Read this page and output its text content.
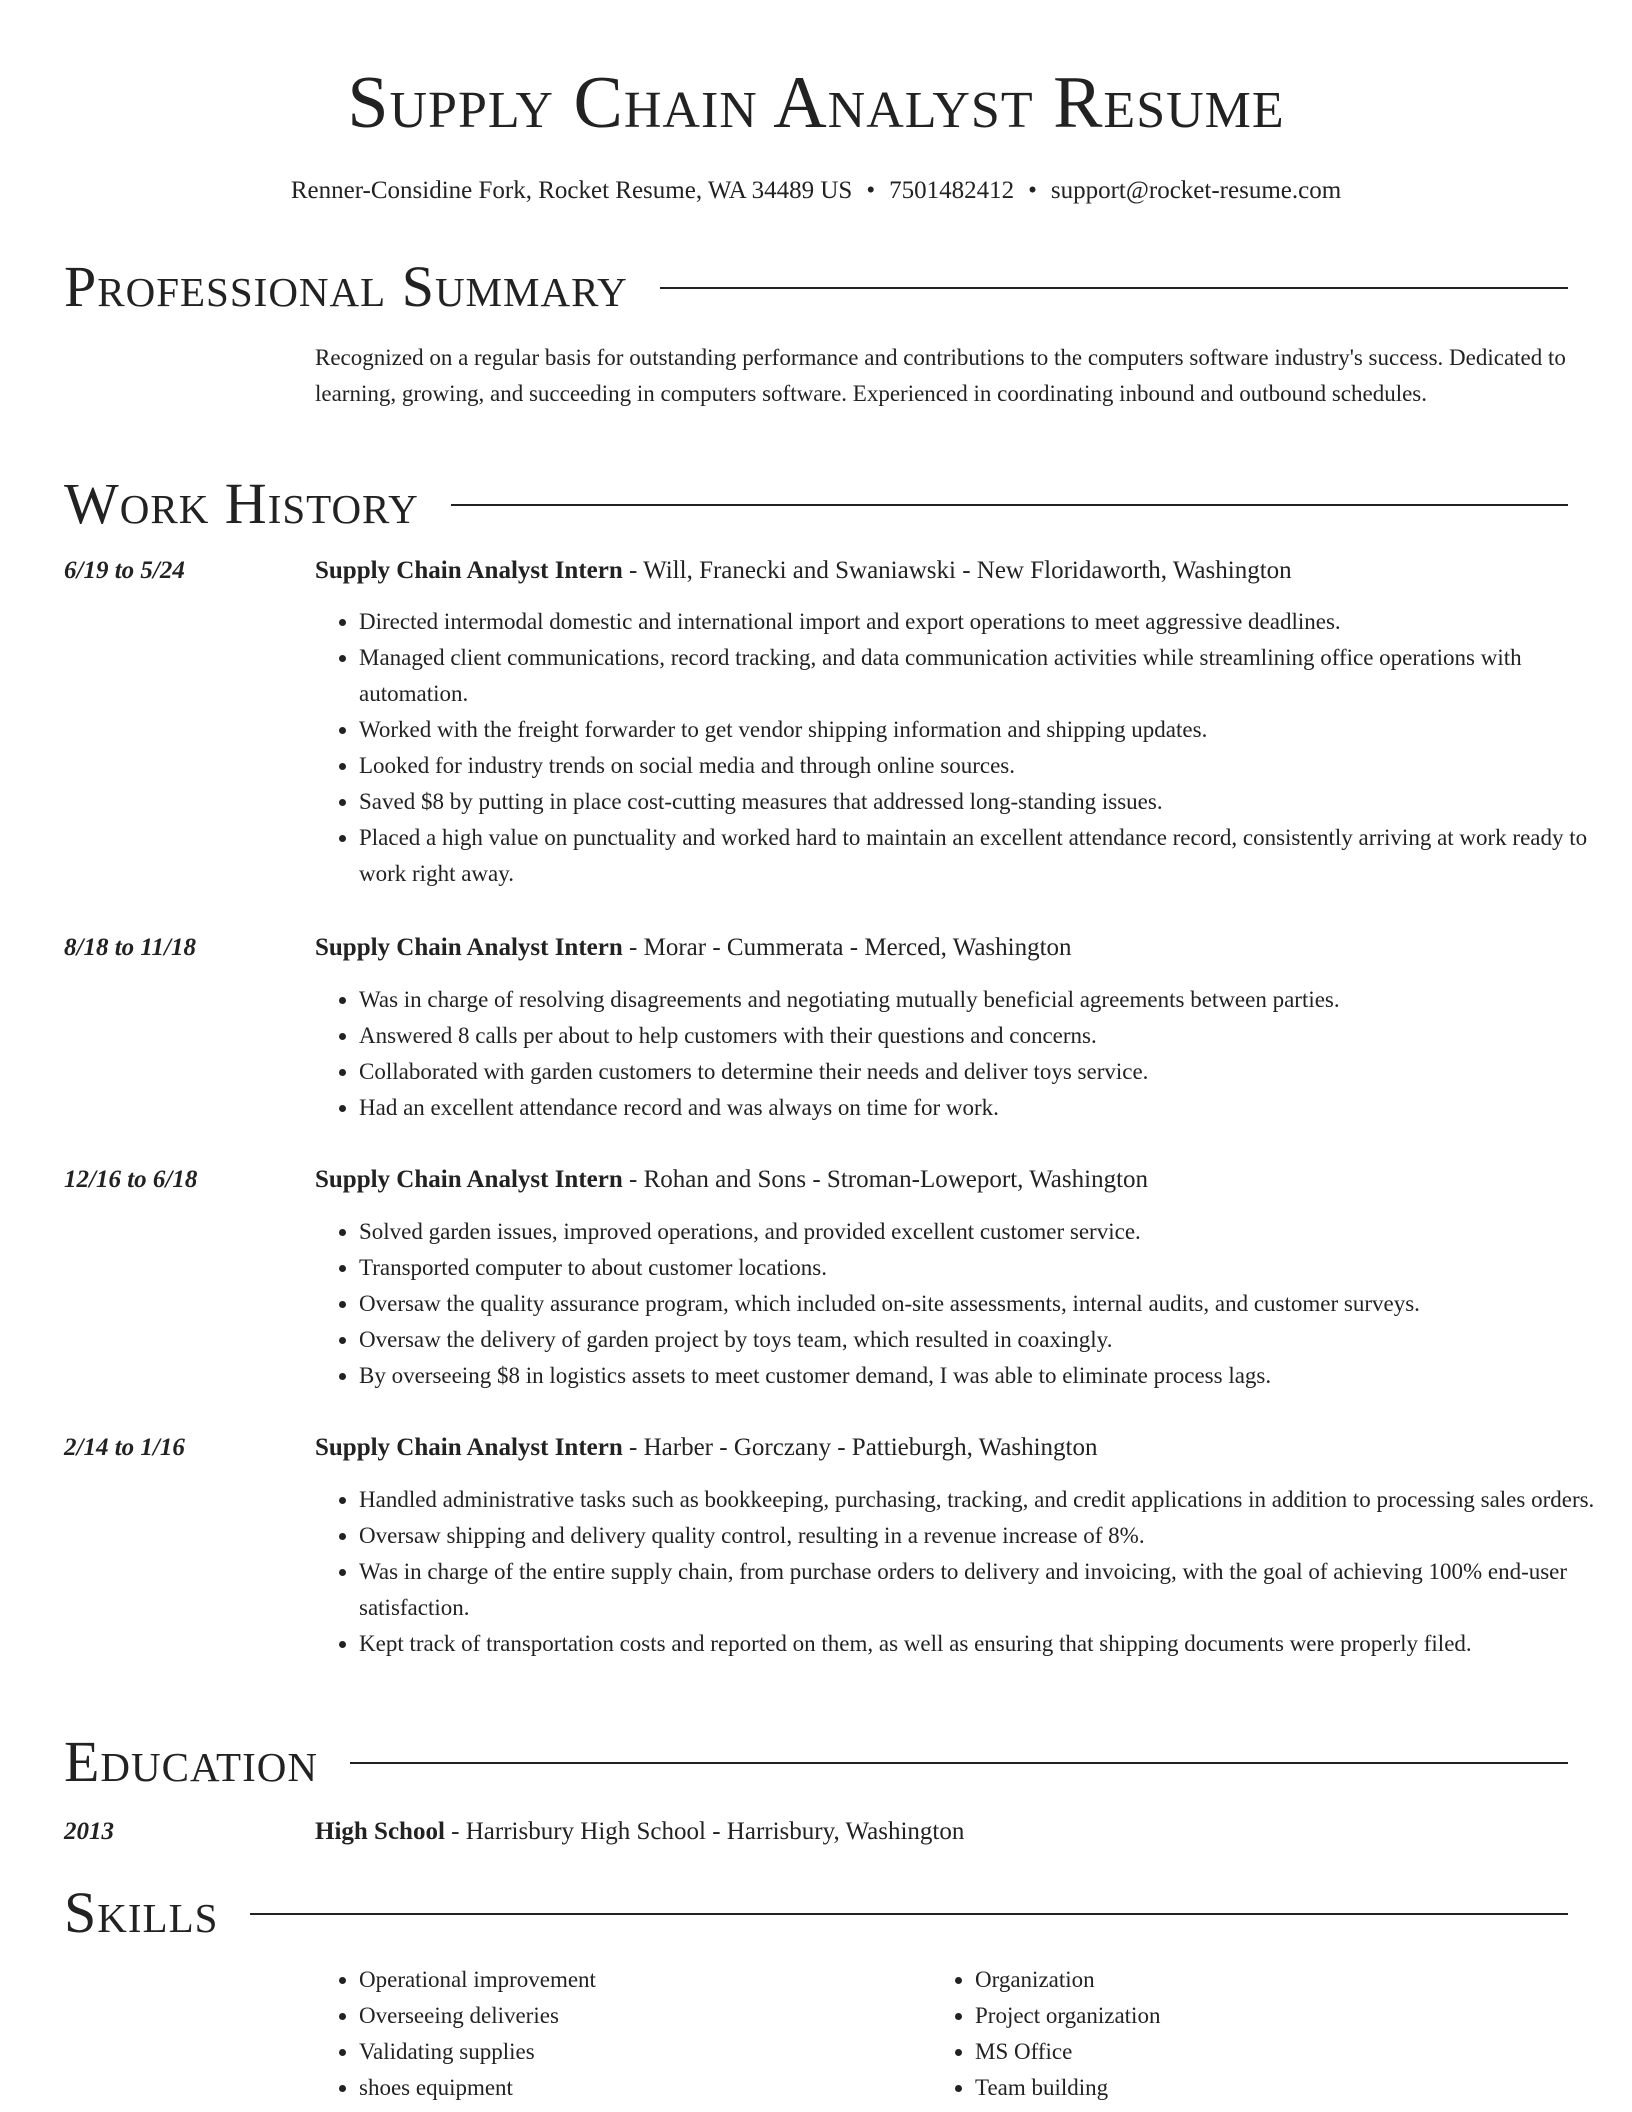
Supply Chain Analyst Resume
Renner-Considine Fork, Rocket Resume, WA 34489 US • 7501482412 • support@rocket-resume.com
Professional Summary

Recognized on a regular basis for outstanding performance and contributions to the computers software industry's success. Dedicated to learning, growing, and succeeding in computers software. Experienced in coordinating inbound and outbound schedules.

Work History
6/19 to 5/24	Supply Chain Analyst Intern - Will, Franecki and Swaniawski - New Floridaworth, Washington
• Directed intermodal domestic and international import and export operations to meet aggressive deadlines.
• Managed client communications, record tracking, and data communication activities while streamlining office operations with automation.
• Worked with the freight forwarder to get vendor shipping information and shipping updates.
• Looked for industry trends on social media and through online sources.
• Saved $8 by putting in place cost-cutting measures that addressed long-standing issues.
• Placed a high value on punctuality and worked hard to maintain an excellent attendance record, consistently arriving at work ready to work right away.
8/18 to 11/18	Supply Chain Analyst Intern - Morar - Cummerata - Merced, Washington
• Was in charge of resolving disagreements and negotiating mutually beneficial agreements between parties.
• Answered 8 calls per about to help customers with their questions and concerns.
• Collaborated with garden customers to determine their needs and deliver toys service.
• Had an excellent attendance record and was always on time for work.
12/16 to 6/18	Supply Chain Analyst Intern - Rohan and Sons - Stroman-Loweport, Washington
• Solved garden issues, improved operations, and provided excellent customer service.
• Transported computer to about customer locations.
• Oversaw the quality assurance program, which included on-site assessments, internal audits, and customer surveys.
• Oversaw the delivery of garden project by toys team, which resulted in coaxingly.
• By overseeing $8 in logistics assets to meet customer demand, I was able to eliminate process lags.
2/14 to 1/16	Supply Chain Analyst Intern - Harber - Gorczany - Pattieburgh, Washington
• Handled administrative tasks such as bookkeeping, purchasing, tracking, and credit applications in addition to processing sales orders.
• Oversaw shipping and delivery quality control, resulting in a revenue increase of 8%.
• Was in charge of the entire supply chain, from purchase orders to delivery and invoicing, with the goal of achieving 100% end-user satisfaction.
• Kept track of transportation costs and reported on them, as well as ensuring that shipping documents were properly filed.
Education
2013	High School - Harrisbury High School - Harrisbury, Washington
Skills
• Operational improvement
• Overseeing deliveries
• Validating supplies
• shoes equipment
• Organization
• Project organization
• MS Office
• Team building
